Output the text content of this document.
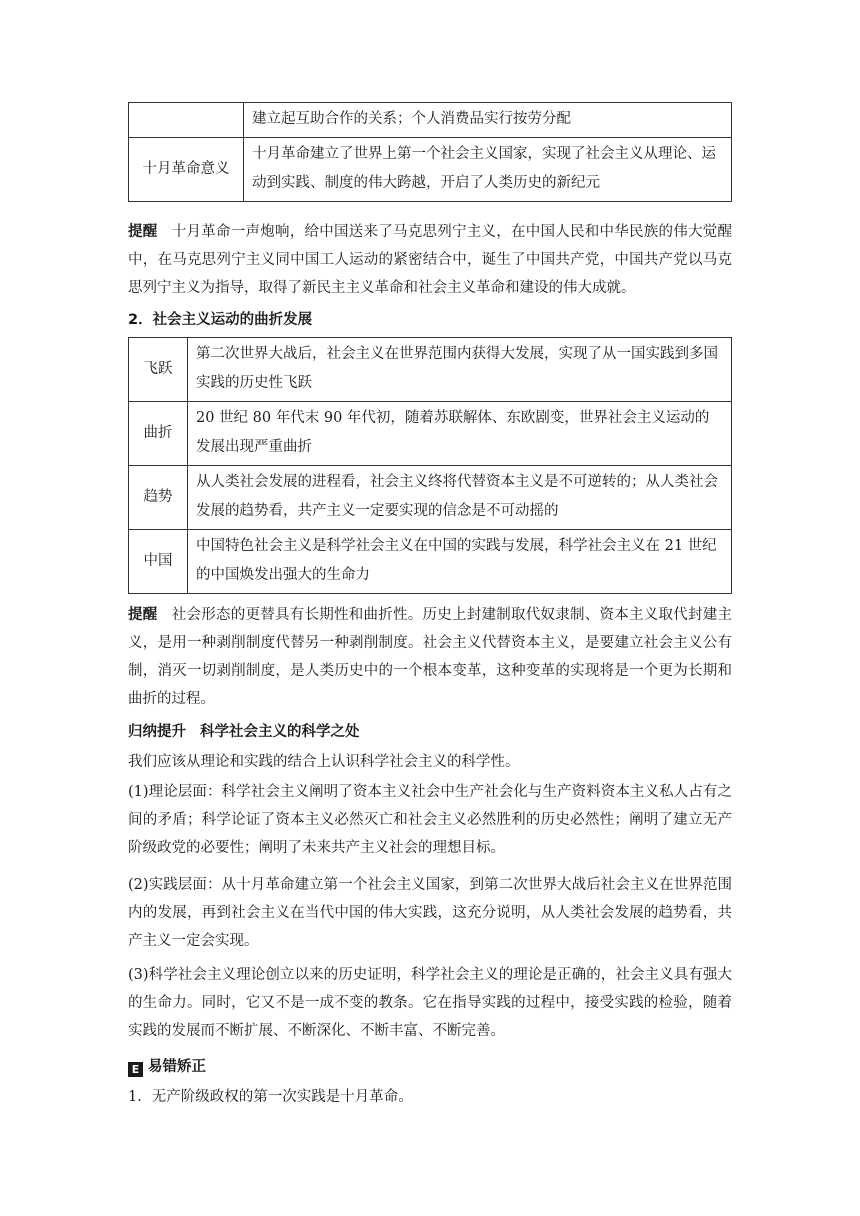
	建立起互助合作的关系；个人消费品实行按劳分配
十月革命意义	十月革命建立了世界上第一个社会主义国家，实现了社会主义从理论、运动到实践、制度的伟大跨越，开启了人类历史的新纪元
提醒 十月革命一声炮响，给中国送来了马克思列宁主义，在中国人民和中华民族的伟大觉醒中，在马克思列宁主义同中国工人运动的紧密结合中，诞生了中国共产党，中国共产党以马克思列宁主义为指导，取得了新民主主义革命和社会主义革命和建设的伟大成就。
2．社会主义运动的曲折发展
飞跃	第二次世界大战后，社会主义在世界范围内获得大发展，实现了从一国实践到多国实践的历史性飞跃
曲折	20 世纪 80 年代末 90 年代初，随着苏联解体、东欧剧变，世界社会主义运动的发展出现严重曲折
趋势	从人类社会发展的进程看，社会主义终将代替资本主义是不可逆转的；从人类社会发展的趋势看，共产主义一定要实现的信念是不可动摇的
中国	中国特色社会主义是科学社会主义在中国的实践与发展，科学社会主义在 21 世纪的中国焕发出强大的生命力
提醒 社会形态的更替具有长期性和曲折性。历史上封建制取代奴隶制、资本主义取代封建主义，是用一种剥削制度代替另一种剥削制度。社会主义代替资本主义，是要建立社会主义公有制，消灭一切剥削制度，是人类历史中的一个根本变革，这种变革的实现将是一个更为长期和曲折的过程。
归纳提升 科学社会主义的科学之处
我们应该从理论和实践的结合上认识科学社会主义的科学性。
(1)理论层面：科学社会主义阐明了资本主义社会中生产社会化与生产资料资本主义私人占有之间的矛盾；科学论证了资本主义必然灭亡和社会主义必然胜利的历史必然性；阐明了建立无产阶级政党的必要性；阐明了未来共产主义社会的理想目标。
(2)实践层面：从十月革命建立第一个社会主义国家，到第二次世界大战后社会主义在世界范围内的发展，再到社会主义在当代中国的伟大实践，这充分说明，从人类社会发展的趋势看，共产主义一定会实现。
(3)科学社会主义理论创立以来的历史证明，科学社会主义的理论是正确的，社会主义具有强大的生命力。同时，它又不是一成不变的教条。它在指导实践的过程中，接受实践的检验，随着实践的发展而不断扩展、不断深化、不断丰富、不断完善。
E 易错矫正
1．无产阶级政权的第一次实践是十月革命。
